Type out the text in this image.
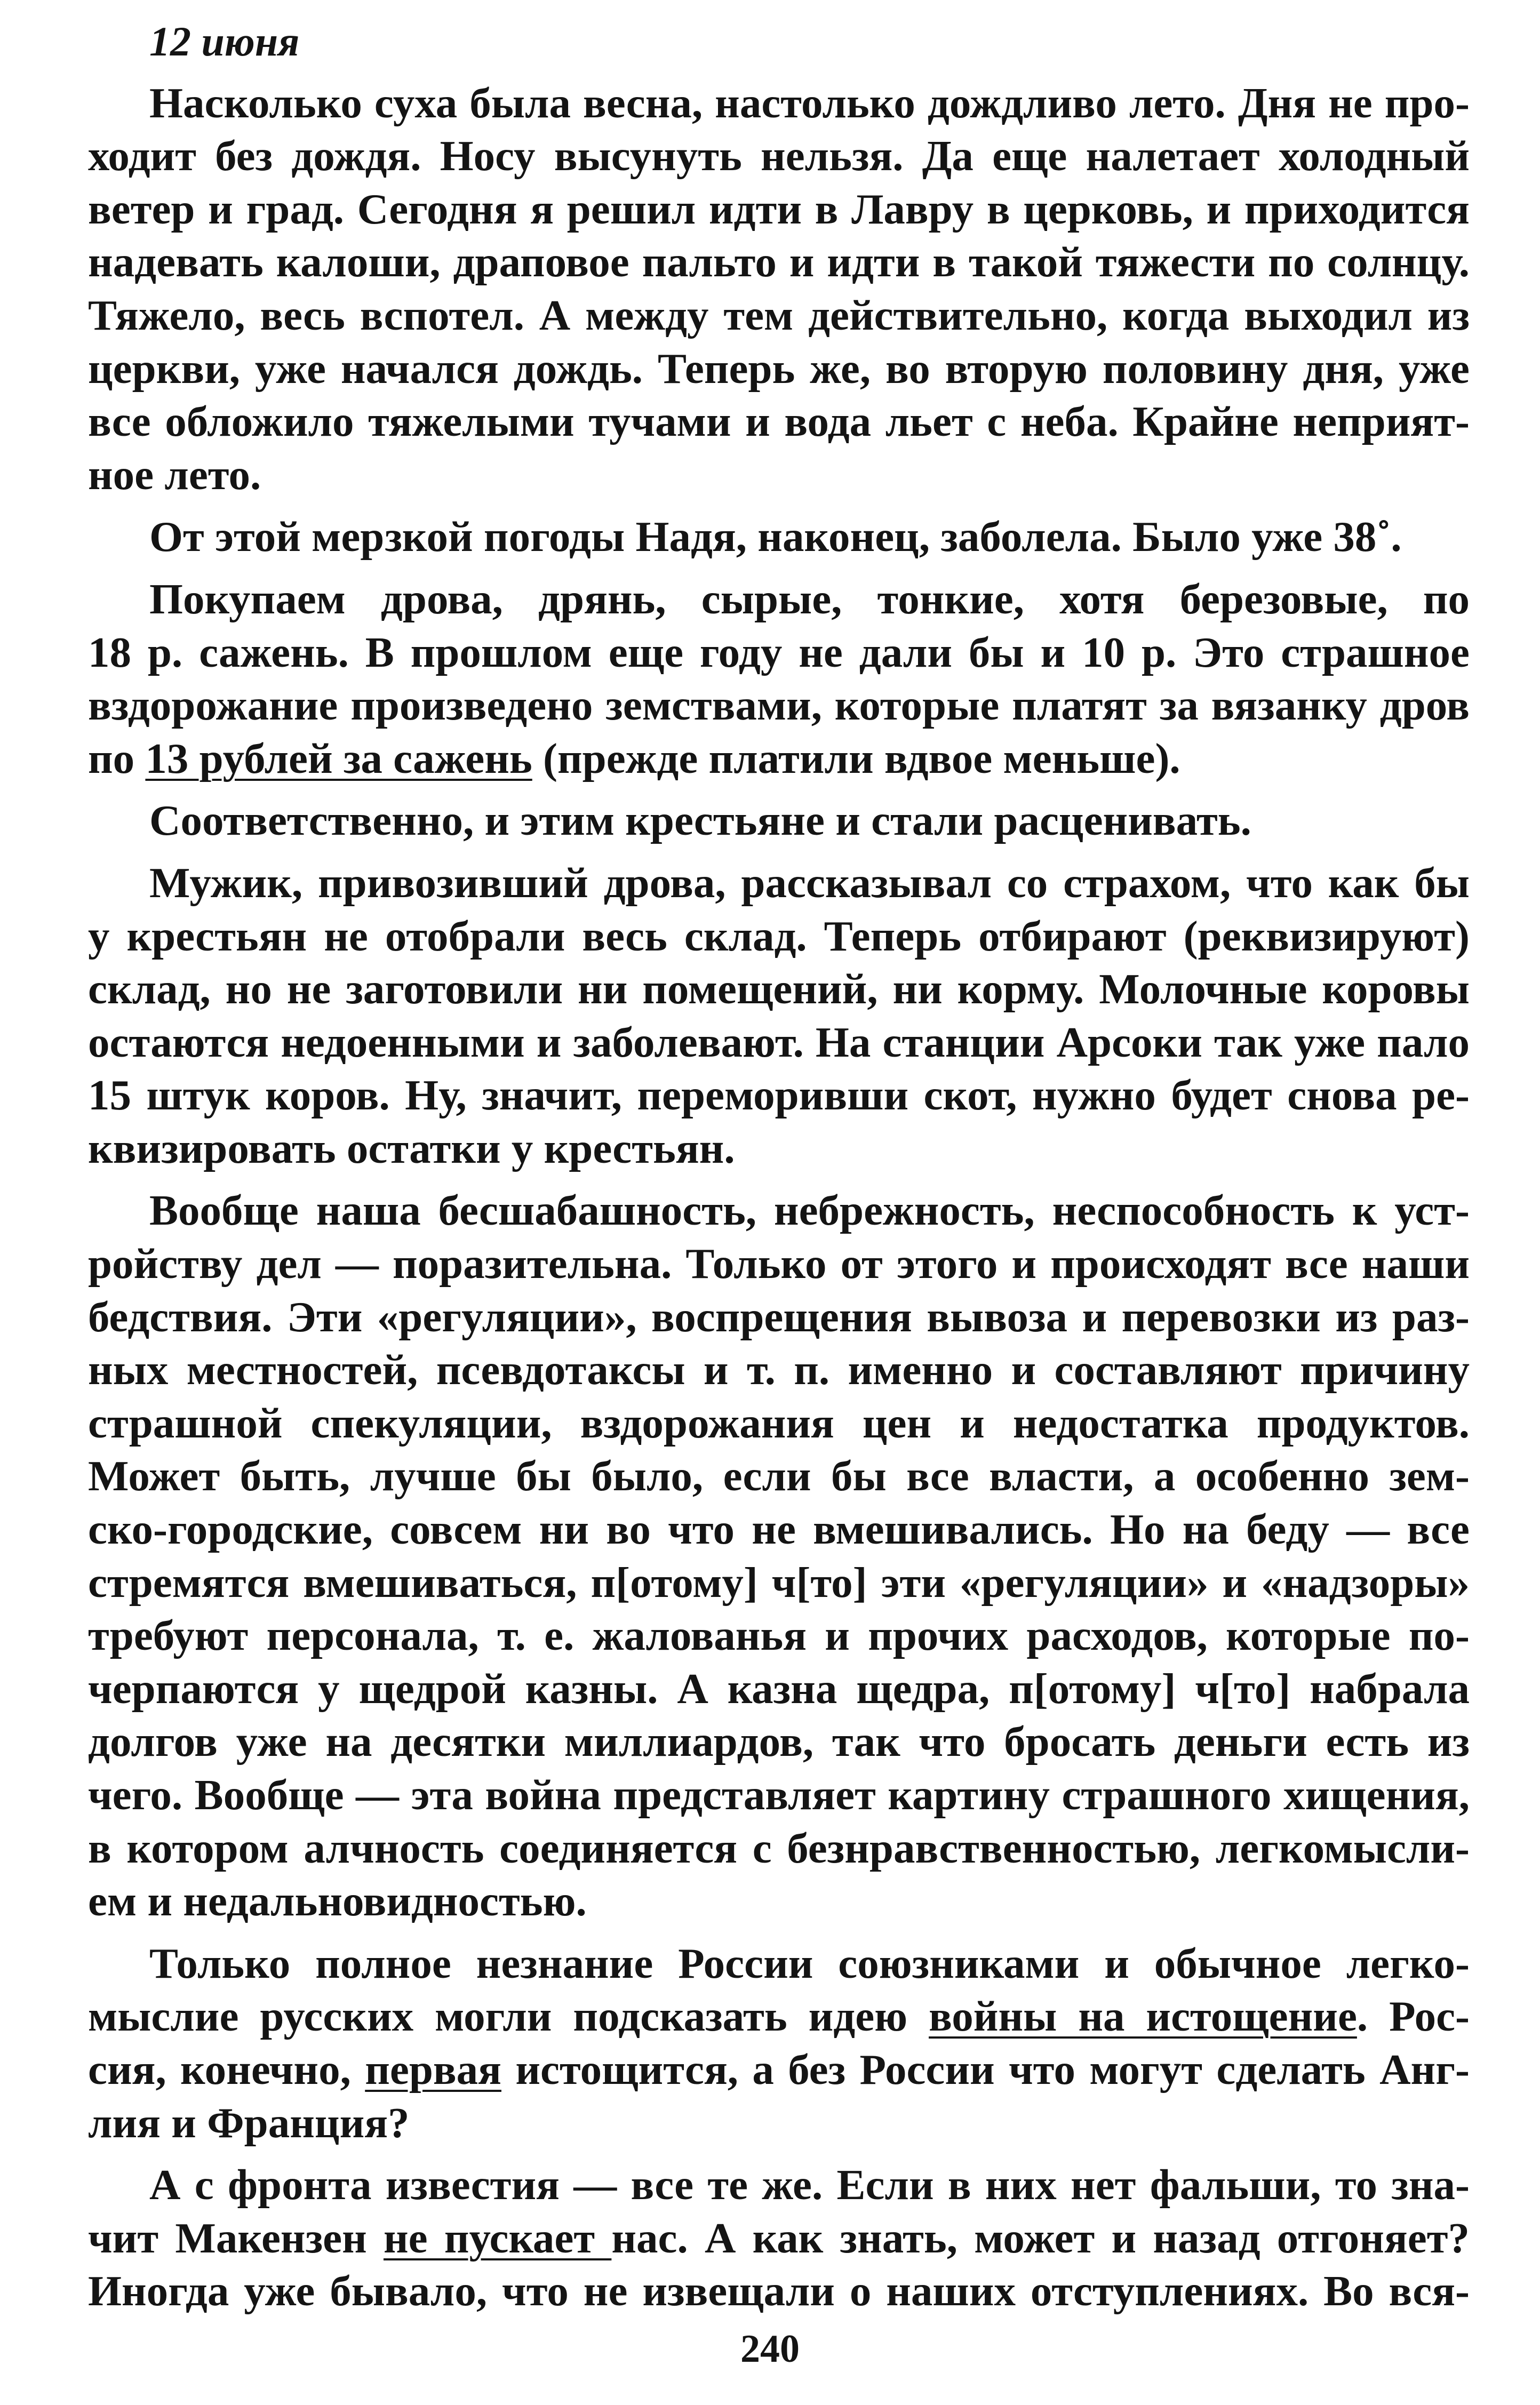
12 июня
Насколько суха была весна, настолько дождливо лето. Дня не про-
ходит без дождя. Носу высунуть нельзя. Да еще налетает холодный
ветер и град. Сегодня я решил идти в Лавру в церковь, и приходится
надевать калоши, драповое пальто и идти в такой тяжести по солнцу.
Тяжело, весь вспотел. А между тем действительно, когда выходил из
церкви, уже начался дождь. Теперь же, во вторую половину дня, уже
все обложило тяжелыми тучами и вода льет с неба. Крайне неприят-
ное лето.
От этой мерзкой погоды Надя, наконец, заболела. Было уже 38˚.
Покупаем дрова, дрянь, сырые, тонкие, хотя березовые, по
18 р. сажень. В прошлом еще году не дали бы и 10 р. Это страшное
вздорожание произведено земствами, которые платят за вязанку дров
по 13 рублей за сажень (прежде платили вдвое меньше).
Соответственно, и этим крестьяне и стали расценивать.
Мужик, привозивший дрова, рассказывал со страхом, что как бы
у крестьян не отобрали весь склад. Теперь отбирают (реквизируют)
склад, но не заготовили ни помещений, ни корму. Молочные коровы
остаются недоенными и заболевают. На станции Арсоки так уже пало
15 штук коров. Ну, значит, переморивши скот, нужно будет снова ре-
квизировать остатки у крестьян.
Вообще наша бесшабашность, небрежность, неспособность к уст-
ройству дел — поразительна. Только от этого и происходят все наши
бедствия. Эти «регуляции», воспрещения вывоза и перевозки из раз-
ных местностей, псевдотаксы и т. п. именно и составляют причину
страшной спекуляции, вздорожания цен и недостатка продуктов.
Может быть, лучше бы было, если бы все власти, а особенно зем-
ско-городские, совсем ни во что не вмешивались. Но на беду — все
стремятся вмешиваться, п[отому] ч[то] эти «регуляции» и «надзоры»
требуют персонала, т. е. жалованья и прочих расходов, которые по-
черпаются у щедрой казны. А казна щедра, п[отому] ч[то] набрала
долгов уже на десятки миллиардов, так что бросать деньги есть из
чего. Вообще — эта война представляет картину страшного хищения,
в котором алчность соединяется с безнравственностью, легкомысли-
ем и недальновидностью.
Только полное незнание России союзниками и обычное легко-
мыслие русских могли подсказать идею войны на истощение. Рос-
сия, конечно, первая истощится, а без России что могут сделать Анг-
лия и Франция?
А с фронта известия — все те же. Если в них нет фальши, то зна-
чит Макензен не пускает нас. А как знать, может и назад отгоняет?
Иногда уже бывало, что не извещали о наших отступлениях. Во вся-
240
